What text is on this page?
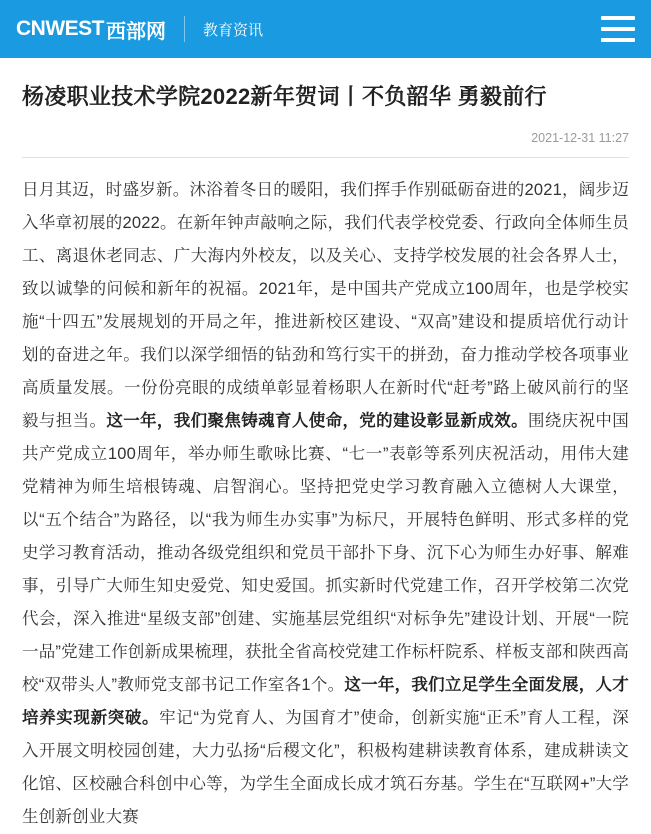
CNWEST 西部网 教育资讯
杨凌职业技术学院2022新年贺词丨不负韶华 勇毅前行
2021-12-31 11:27

日月其迈，时盛岁新。沐浴着冬日的暖阳，我们挥手作别砥砺奋进的2021，阔步迈入华章初展的2022。在新年钟声敲响之际，我们代表学校党委、行政向全体师生员工、离退休老同志、广大海内外校友，以及关心、支持学校发展的社会各界人士，致以诚挚的问候和新年的祝福。2021年，是中国共产党成立100周年，也是学校实施“十四五”发展规划的开局之年，推进新校区建设、“双高”建设和提质培优行动计划的奋进之年。我们以深学细悟的钻劲和笃行实干的拼劲，奋力推动学校各项事业高质量发展。一份份亮眼的成绩单彰显着杨职人在新时代“赶考”路上破风前行的坚毅与担当。这一年，我们聚焦铸魂育人使命，党的建设彰显新成效。围绕庆祝中国共产党成立100周年，举办师生歌咏比赛、“七一”表彰等系列庆祝活动，用伟大建党精神为师生培根铸魂、启智润心。坚持把党史学习教育融入立德树人大课堂，以“五个结合”为路径，以“我为师生办实事”为标尺，开展特色鲜明、形式多样的党史学习教育活动，推动各级党组织和党员干部扑下身、沉下心为师生办好事、解难事，引导广大师生知史爱党、知史爱国。抓实新时代党建工作，召开学校第二次党代会，深入推进“星级支部”创建、实施基层党组织“对标争先”建设计划、开展“一院一品”党建工作创新成果梳理，获批全省高校党建工作标杆院系、样板支部和陕西高校“双带头人”教师党支部书记工作室各1个。这一年，我们立足学生全面发展，人才培养实现新突破。牢记“为党育人、为国育才”使命，创新实施“正禾”育人工程，深入开展文明校园创建，大力弘扬“后稷文化”，积极构建耕读教育体系，建成耕读文化馆、区校融合科创中心等，为学生全面成长成才筑石夯基。学生在“互联网+”大学生创新创业大赛
